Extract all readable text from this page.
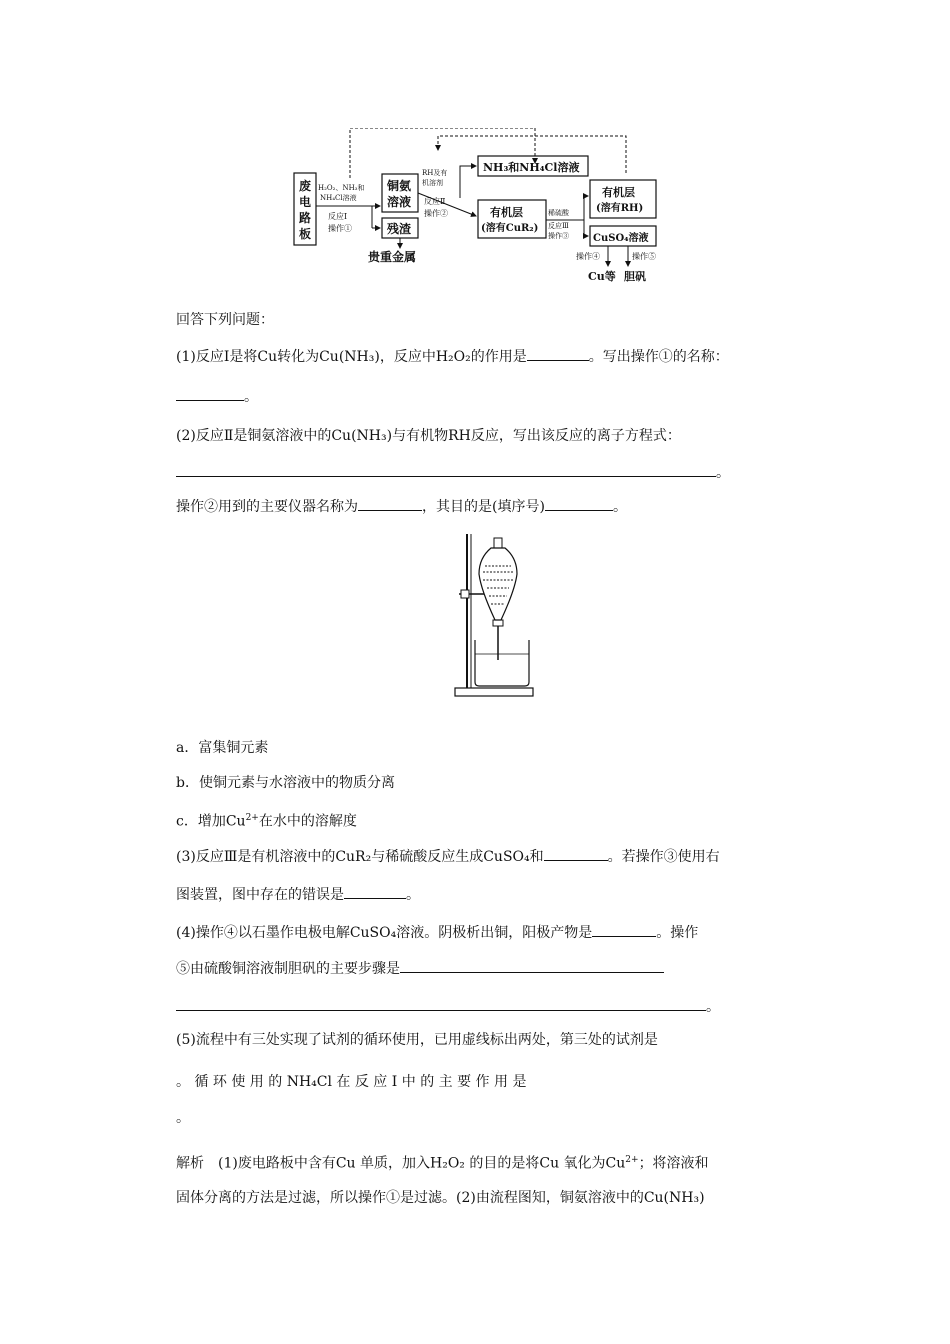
废
电
路
板
H₂O₂、NH₃和
NH₄Cl溶液
反应Ⅰ
操作①
铜氨
溶液
残渣
贵重金属
RH及有
机溶剂
反应Ⅱ
操作②
NH₃和NH₄Cl溶液
有机层
(溶有CuR₂)
稀硫酸
反应Ⅲ
操作③
有机层
(溶有RH)
CuSO₄溶液
操作④	操作⑤
Cu等 胆矾
回答下列问题：
(1)反应Ⅰ是将Cu转化为Cu(NH₃)，反应中H₂O₂的作用是	。写出操作①的名称：
。
(2)反应Ⅱ是铜氨溶液中的Cu(NH₃)与有机物RH反应，写出该反应的离子方程式：
。
操作②用到的主要仪器名称为	，其目的是(填序号)	。
a．富集铜元素
b．使铜元素与水溶液中的物质分离
c．增加$Cu^{2+}$在水中的溶解度
(3)反应Ⅲ是有机溶液中的CuR₂与稀硫酸反应生成CuSO₄和	。若操作③使用右
图装置，图中存在的错误是	。
(4)操作④以石墨作电极电解CuSO₄溶液。阴极析出铜，阳极产物是	。操作
⑤由硫酸铜溶液制胆矾的主要步骤是
。
(5)流程中有三处实现了试剂的循环使用，已用虚线标出两处，第三处的试剂是
。 循 环 使 用 的 NH₄Cl 在 反 应 Ⅰ 中 的 主 要 作 用 是
。
解析　(1)废电路板中含有Cu 单质，加入H₂O₂ 的目的是将Cu 氧化为$Cu^{2+}$；将溶液和
固体分离的方法是过滤，所以操作①是过滤。(2)由流程图知，铜氨溶液中的Cu(NH₃)
